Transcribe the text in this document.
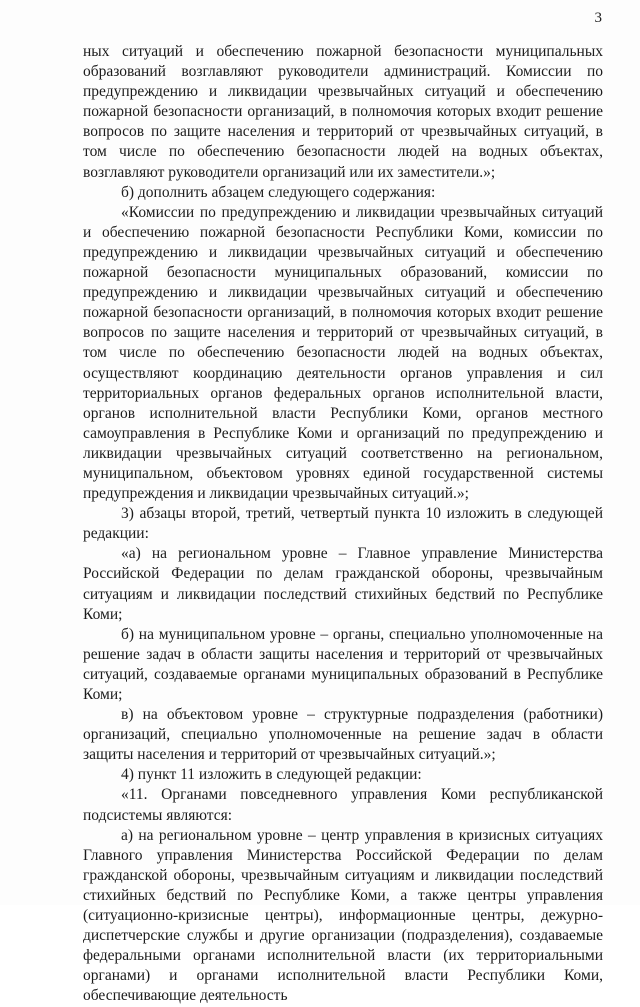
3

ных ситуаций и обеспечению пожарной безопасности муниципальных образований возглавляют руководители администраций. Комиссии по предупреждению и ликвидации чрезвычайных ситуаций и обеспечению пожарной безопасности организаций, в полномочия которых входит решение вопросов по защите населения и территорий от чрезвычайных ситуаций, в том числе по обеспечению безопасности людей на водных объектах, возглавляют руководители организаций или их заместители.»;

б) дополнить абзацем следующего содержания:

«Комиссии по предупреждению и ликвидации чрезвычайных ситуаций и обеспечению пожарной безопасности Республики Коми, комиссии по предупреждению и ликвидации чрезвычайных ситуаций и обеспечению пожарной безопасности муниципальных образований, комиссии по предупреждению и ликвидации чрезвычайных ситуаций и обеспечению пожарной безопасности организаций, в полномочия которых входит решение вопросов по защите населения и территорий от чрезвычайных ситуаций, в том числе по обеспечению безопасности людей на водных объектах, осуществляют координацию деятельности органов управления и сил территориальных органов федеральных органов исполнительной власти, органов исполнительной власти Республики Коми, органов местного самоуправления в Республике Коми и организаций по предупреждению и ликвидации чрезвычайных ситуаций соответственно на региональном, муниципальном, объектовом уровнях единой государственной системы предупреждения и ликвидации чрезвычайных ситуаций.»;

3) абзацы второй, третий, четвертый пункта 10 изложить в следующей редакции:

«а) на региональном уровне – Главное управление Министерства Российской Федерации по делам гражданской обороны, чрезвычайным ситуациям и ликвидации последствий стихийных бедствий по Республике Коми;

б) на муниципальном уровне – органы, специально уполномоченные на решение задач в области защиты населения и территорий от чрезвычайных ситуаций, создаваемые органами муниципальных образований в Республике Коми;

в) на объектовом уровне – структурные подразделения (работники) организаций, специально уполномоченные на решение задач в области защиты населения и территорий от чрезвычайных ситуаций.»;

4) пункт 11 изложить в следующей редакции:

«11. Органами повседневного управления Коми республиканской подсистемы являются:

а) на региональном уровне – центр управления в кризисных ситуациях Главного управления Министерства Российской Федерации по делам гражданской обороны, чрезвычайным ситуациям и ликвидации последствий стихийных бедствий по Республике Коми, а также центры управления (ситуационно-кризисные центры), информационные центры, дежурно-диспетчерские службы и другие организации (подразделения), создаваемые федеральными органами исполнительной власти (их территориальными органами) и органами исполнительной власти Республики Коми, обеспечивающие деятельность
